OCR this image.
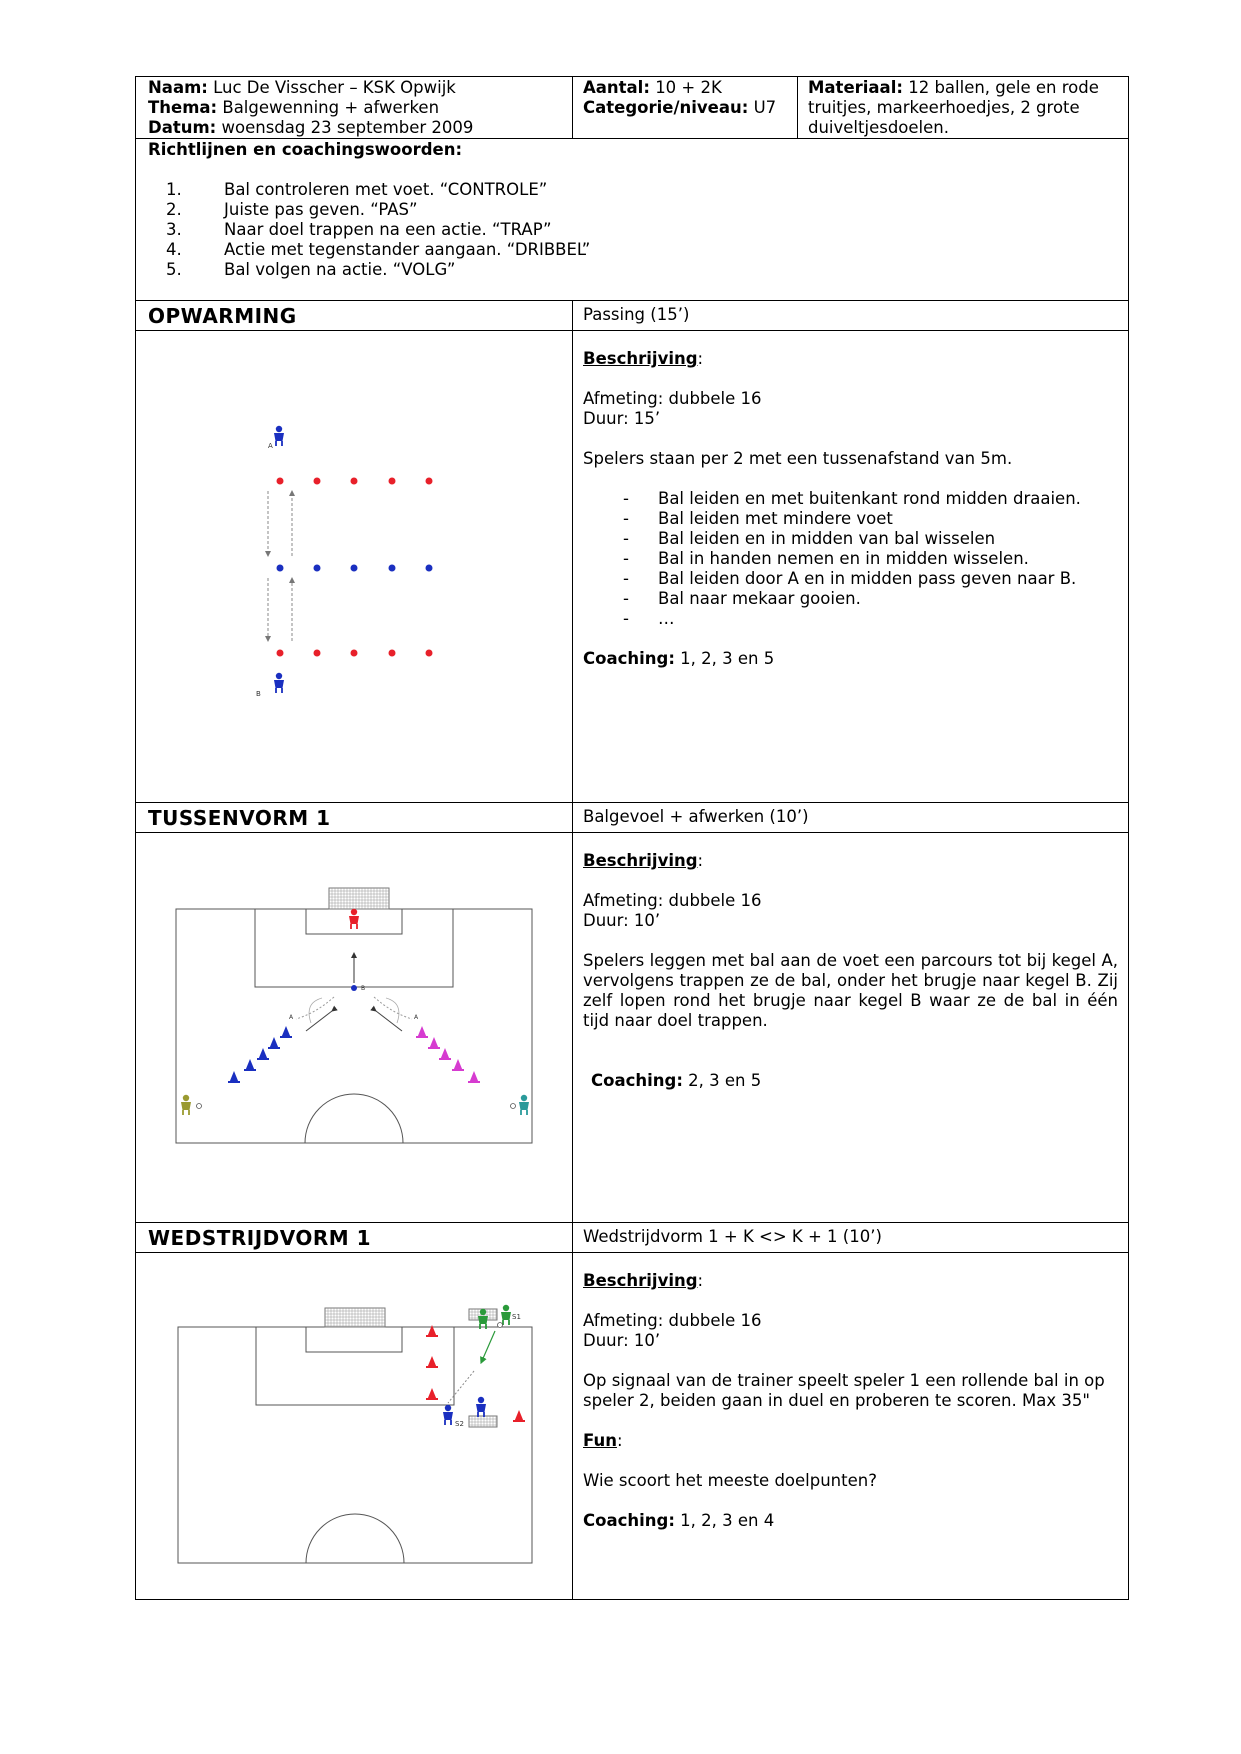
Naam: Luc De Visscher – KSK Opwijk
Thema: Balgewenning + afwerken
Datum: woensdag 23 september 2009
Aantal: 10 + 2K
Categorie/niveau: U7
Materiaal: 12 ballen, gele en rode truitjes, markeerhoedjes, 2 grote duiveltjesdoelen.
Richtlijnen en coachingswoorden:
1.	Bal controleren met voet. “CONTROLE”
2.	Juiste pas geven. “PAS”
3.	Naar doel trappen na een actie. “TRAP”
4.	Actie met tegenstander aangaan. “DRIBBEL”
5.	Bal volgen na actie. “VOLG”
OPWARMING	Passing (15’)
A
B

Beschrijving:

Afmeting: dubbele 16

Duur: 15’

Spelers staan per 2 met een tussenafstand van 5m.

-	Bal leiden en met buitenkant rond midden draaien.
-	Bal leiden met mindere voet
-	Bal leiden en in midden van bal wisselen
-	Bal in handen nemen en in midden wisselen.
-	Bal leiden door A en in midden pass geven naar B.
-	Bal naar mekaar gooien.
-	…

Coaching: 1, 2, 3 en 5

TUSSENVORM 1	Balgevoel + afwerken (10’)
B
A	A

Beschrijving:

Afmeting: dubbele 16

Duur: 10’

Spelers leggen met bal aan de voet een parcours tot bij kegel A, vervolgens trappen ze de bal, onder het brugje naar kegel B. Zij zelf lopen rond het brugje naar kegel B waar ze de bal in één tijd naar doel trappen.

Coaching: 2, 3 en 5

WEDSTRIJDVORM 1	Wedstrijdvorm 1 + K <> K + 1 (10’)
S1
S2

Beschrijving:

Afmeting: dubbele 16

Duur: 10’

Op signaal van de trainer speelt speler 1 een rollende bal in op speler 2, beiden gaan in duel en proberen te scoren. Max 35"

Fun:

Wie scoort het meeste doelpunten?

Coaching: 1, 2, 3 en 4
